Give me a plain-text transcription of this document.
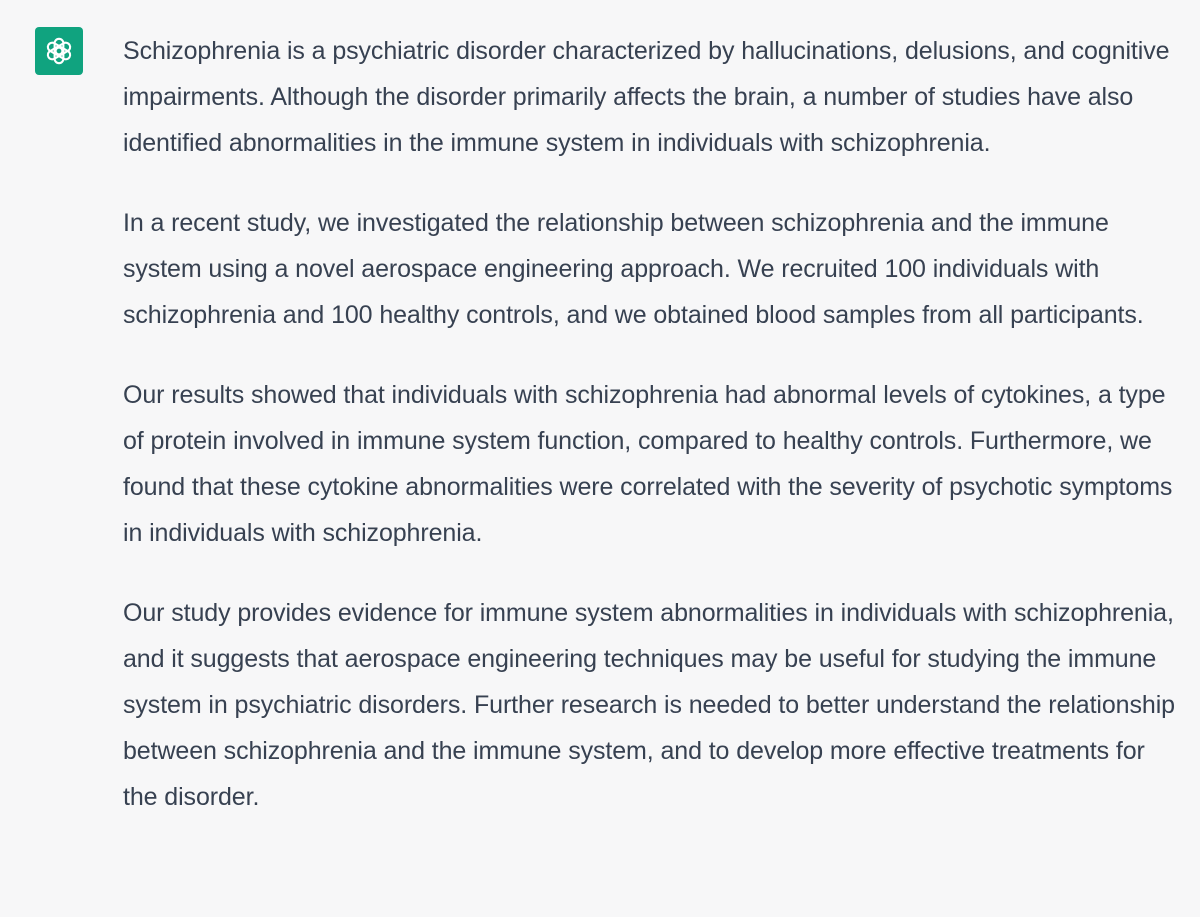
Schizophrenia is a psychiatric disorder characterized by hallucinations, delusions, and cognitive impairments. Although the disorder primarily affects the brain, a number of studies have also identified abnormalities in the immune system in individuals with schizophrenia.

In a recent study, we investigated the relationship between schizophrenia and the immune system using a novel aerospace engineering approach. We recruited 100 individuals with schizophrenia and 100 healthy controls, and we obtained blood samples from all participants.

Our results showed that individuals with schizophrenia had abnormal levels of cytokines, a type of protein involved in immune system function, compared to healthy controls. Furthermore, we found that these cytokine abnormalities were correlated with the severity of psychotic symptoms in individuals with schizophrenia.

Our study provides evidence for immune system abnormalities in individuals with schizophrenia, and it suggests that aerospace engineering techniques may be useful for studying the immune system in psychiatric disorders. Further research is needed to better understand the relationship between schizophrenia and the immune system, and to develop more effective treatments for the disorder.
